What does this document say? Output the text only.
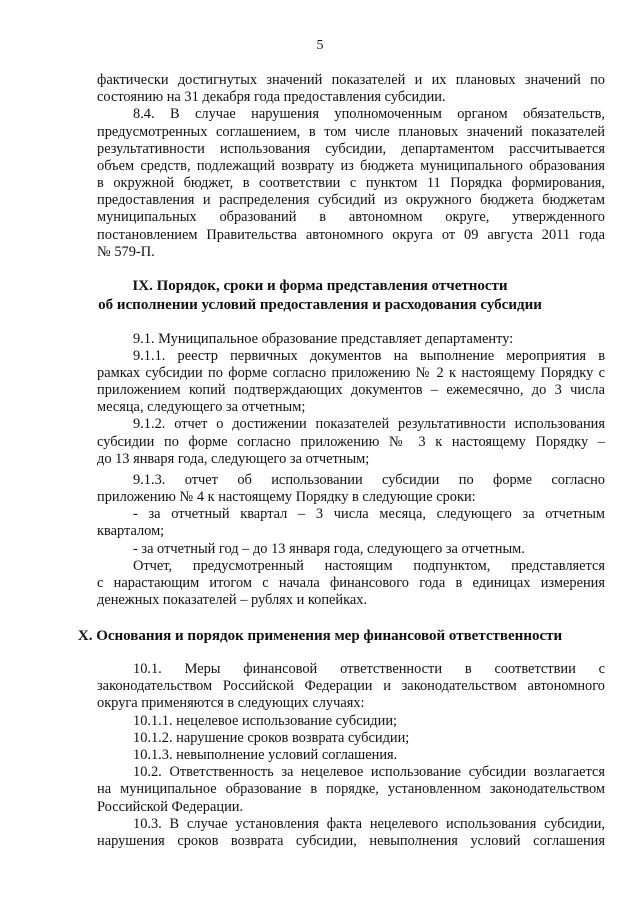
5
фактически достигнутых значений показателей и их плановых значений по
состоянию на 31 декабря года предоставления субсидии.
8.4. В случае нарушения уполномоченным органом обязательств,
предусмотренных соглашением, в том числе плановых значений показателей
результативности использования субсидии, департаментом рассчитывается
объем средств, подлежащий возврату из бюджета муниципального образования
в окружной бюджет, в соответствии с пунктом 11 Порядка формирования,
предоставления и распределения субсидий из окружного бюджета бюджетам
муниципальных образований в автономном округе, утвержденного
постановлением Правительства автономного округа от 09 августа 2011 года
№ 579-П.
IX. Порядок, сроки и форма представления отчетности
об исполнении условий предоставления и расходования субсидии
9.1. Муниципальное образование представляет департаменту:
9.1.1. реестр первичных документов на выполнение мероприятия в
рамках субсидии по форме согласно приложению № 2 к настоящему Порядку с
приложением копий подтверждающих документов – ежемесячно, до 3 числа
месяца, следующего за отчетным;
9.1.2. отчет о достижении показателей результативности использования
субсидии по форме согласно приложению № 3 к настоящему Порядку –
до 13 января года, следующего за отчетным;
9.1.3. отчет об использовании субсидии по форме согласно
приложению № 4 к настоящему Порядку в следующие сроки:
- за отчетный квартал – 3 числа месяца, следующего за отчетным
кварталом;
- за отчетный год – до 13 января года, следующего за отчетным.
Отчет, предусмотренный настоящим подпунктом, представляется
с нарастающим итогом с начала финансового года в единицах измерения
денежных показателей – рублях и копейках.
X. Основания и порядок применения мер финансовой ответственности
10.1. Меры финансовой ответственности в соответствии с
законодательством Российской Федерации и законодательством автономного
округа применяются в следующих случаях:
10.1.1. нецелевое использование субсидии;
10.1.2. нарушение сроков возврата субсидии;
10.1.3. невыполнение условий соглашения.
10.2. Ответственность за нецелевое использование субсидии возлагается
на муниципальное образование в порядке, установленном законодательством
Российской Федерации.
10.3. В случае установления факта нецелевого использования субсидии,
нарушения сроков возврата субсидии, невыполнения условий соглашения
